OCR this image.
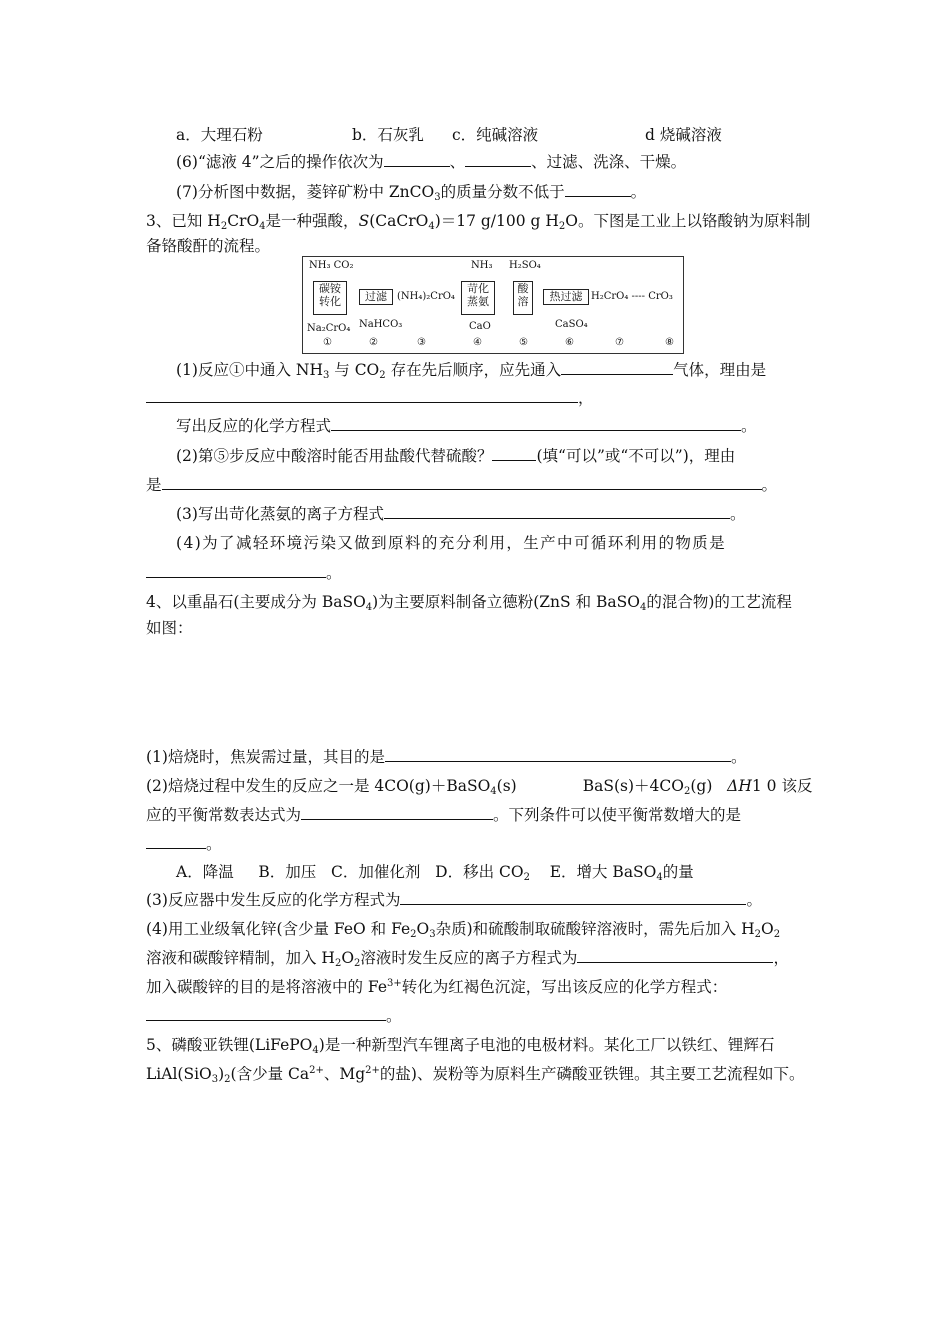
a．大理石粉	b．石灰乳 c．纯碱溶液	d 烧碱溶液
(6)“滤液 4”之后的操作依次为	、	、过滤、洗涤、干燥。
(7)分析图中数据，菱锌矿粉中 ZnCO$_3$的质量分数不低于	。
3、已知 $H_2CrO_4$是一种强酸，S(CaCrO$_4$)＝17 g/100 g $H_2O$。下图是工业上以铬酸钠为原料制
备铬酸酐的流程。
NH₃ CO₂
碳铵转化
Na₂CrO₄
过滤
NaHCO₃
(NH₄)₂CrO₄
NH₃
苛化蒸氨
CaO
H₂SO₄
酸溶	热过滤
CaSO₄
H₂CrO₄ ---- CrO₃
①	②	③	④	⑤	⑥	⑦	⑧
(1)反应①中通入 $NH_3$ 与 $CO_2$ 存在先后顺序，应先通入	气体，理由是
，
写出反应的化学方程式	。
(2)第⑤步反应中酸溶时能否用盐酸代替硫酸？	(填“可以”或“不可以”)，理由
是	。
(3)写出苛化蒸氨的离子方程式	。
(4)为了减轻环境污染又做到原料的充分利用，生产中可循环利用的物质是
。
4、以重晶石(主要成分为 BaSO$_4$)为主要原料制备立德粉(ZnS 和 BaSO$_4$的混合物)的工艺流程
如图：
(1)焙烧时，焦炭需过量，其目的是	。
(2)焙烧过程中发生的反应之一是 4CO(g)＋BaSO$_4$(s)	$BaS(s)+4CO_2(g)$ ΔH1 0 该反
应的平衡常数表达式为	。下列条件可以使平衡常数增大的是
。
A．降温 B．加压 C．加催化剂 D．移出 $CO_2$ E．增大 BaSO$_4$的量
(3)反应器中发生反应的化学方程式为	。
(4)用工业级氧化锌(含少量 FeO 和 $Fe_2O_3$杂质)和硫酸制取硫酸锌溶液时，需先后加入 $H_2O_2$
溶液和碳酸锌精制，加入 $H_2O_2$溶液时发生反应的离子方程式为	，
加入碳酸锌的目的是将溶液中的 $Fe^{3+}$转化为红褐色沉淀，写出该反应的化学方程式：
。
5、磷酸亚铁锂(LiFePO$_4$)是一种新型汽车锂离子电池的电极材料。某化工厂以铁红、锂辉石
$LiAl(SiO_3)_2$(含少量 $Ca^{2+}$、$Mg^{2+}$的盐)、炭粉等为原料生产磷酸亚铁锂。其主要工艺流程如下。
